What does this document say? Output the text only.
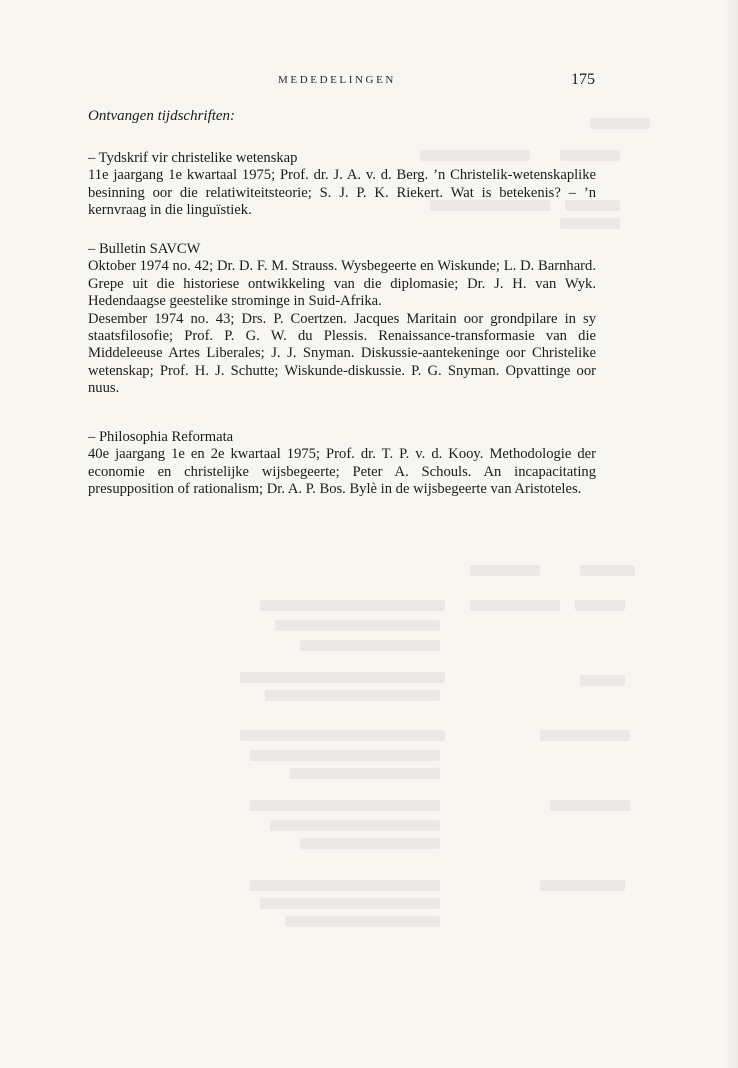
MEDEDELINGEN	175
Ontvangen tijdschriften:
– Tydskrif vir christelike wetenskap

11e jaargang 1e kwartaal 1975; Prof. dr. J. A. v. d. Berg. ’n Christelik-wetenskaplike besinning oor die relatiwiteitsteorie; S. J. P. K. Riekert. Wat is betekenis? – ’n kernvraag in die linguïstiek.

– Bulletin SAVCW

Oktober 1974 no. 42; Dr. D. F. M. Strauss. Wysbegeerte en Wiskunde; L. D. Barnhard. Grepe uit die historiese ontwikkeling van die diplomasie; Dr. J. H. van Wyk. Hedendaagse geestelike strominge in Suid-Afrika.

Desember 1974 no. 43; Drs. P. Coertzen. Jacques Maritain oor grondpilare in sy staatsfilosofie; Prof. P. G. W. du Plessis. Renaissance-transformasie van die Middeleeuse Artes Liberales; J. J. Snyman. Diskussie-aantekeninge oor Christelike wetenskap; Prof. H. J. Schutte; Wiskunde-diskussie. P. G. Snyman. Opvattinge oor nuus.

– Philosophia Reformata

40e jaargang 1e en 2e kwartaal 1975; Prof. dr. T. P. v. d. Kooy. Methodologie der economie en christelijke wijsbegeerte; Peter A. Schouls. An incapacitating presupposition of rationalism; Dr. A. P. Bos. Bylè in de wijsbegeerte van Aristoteles.
